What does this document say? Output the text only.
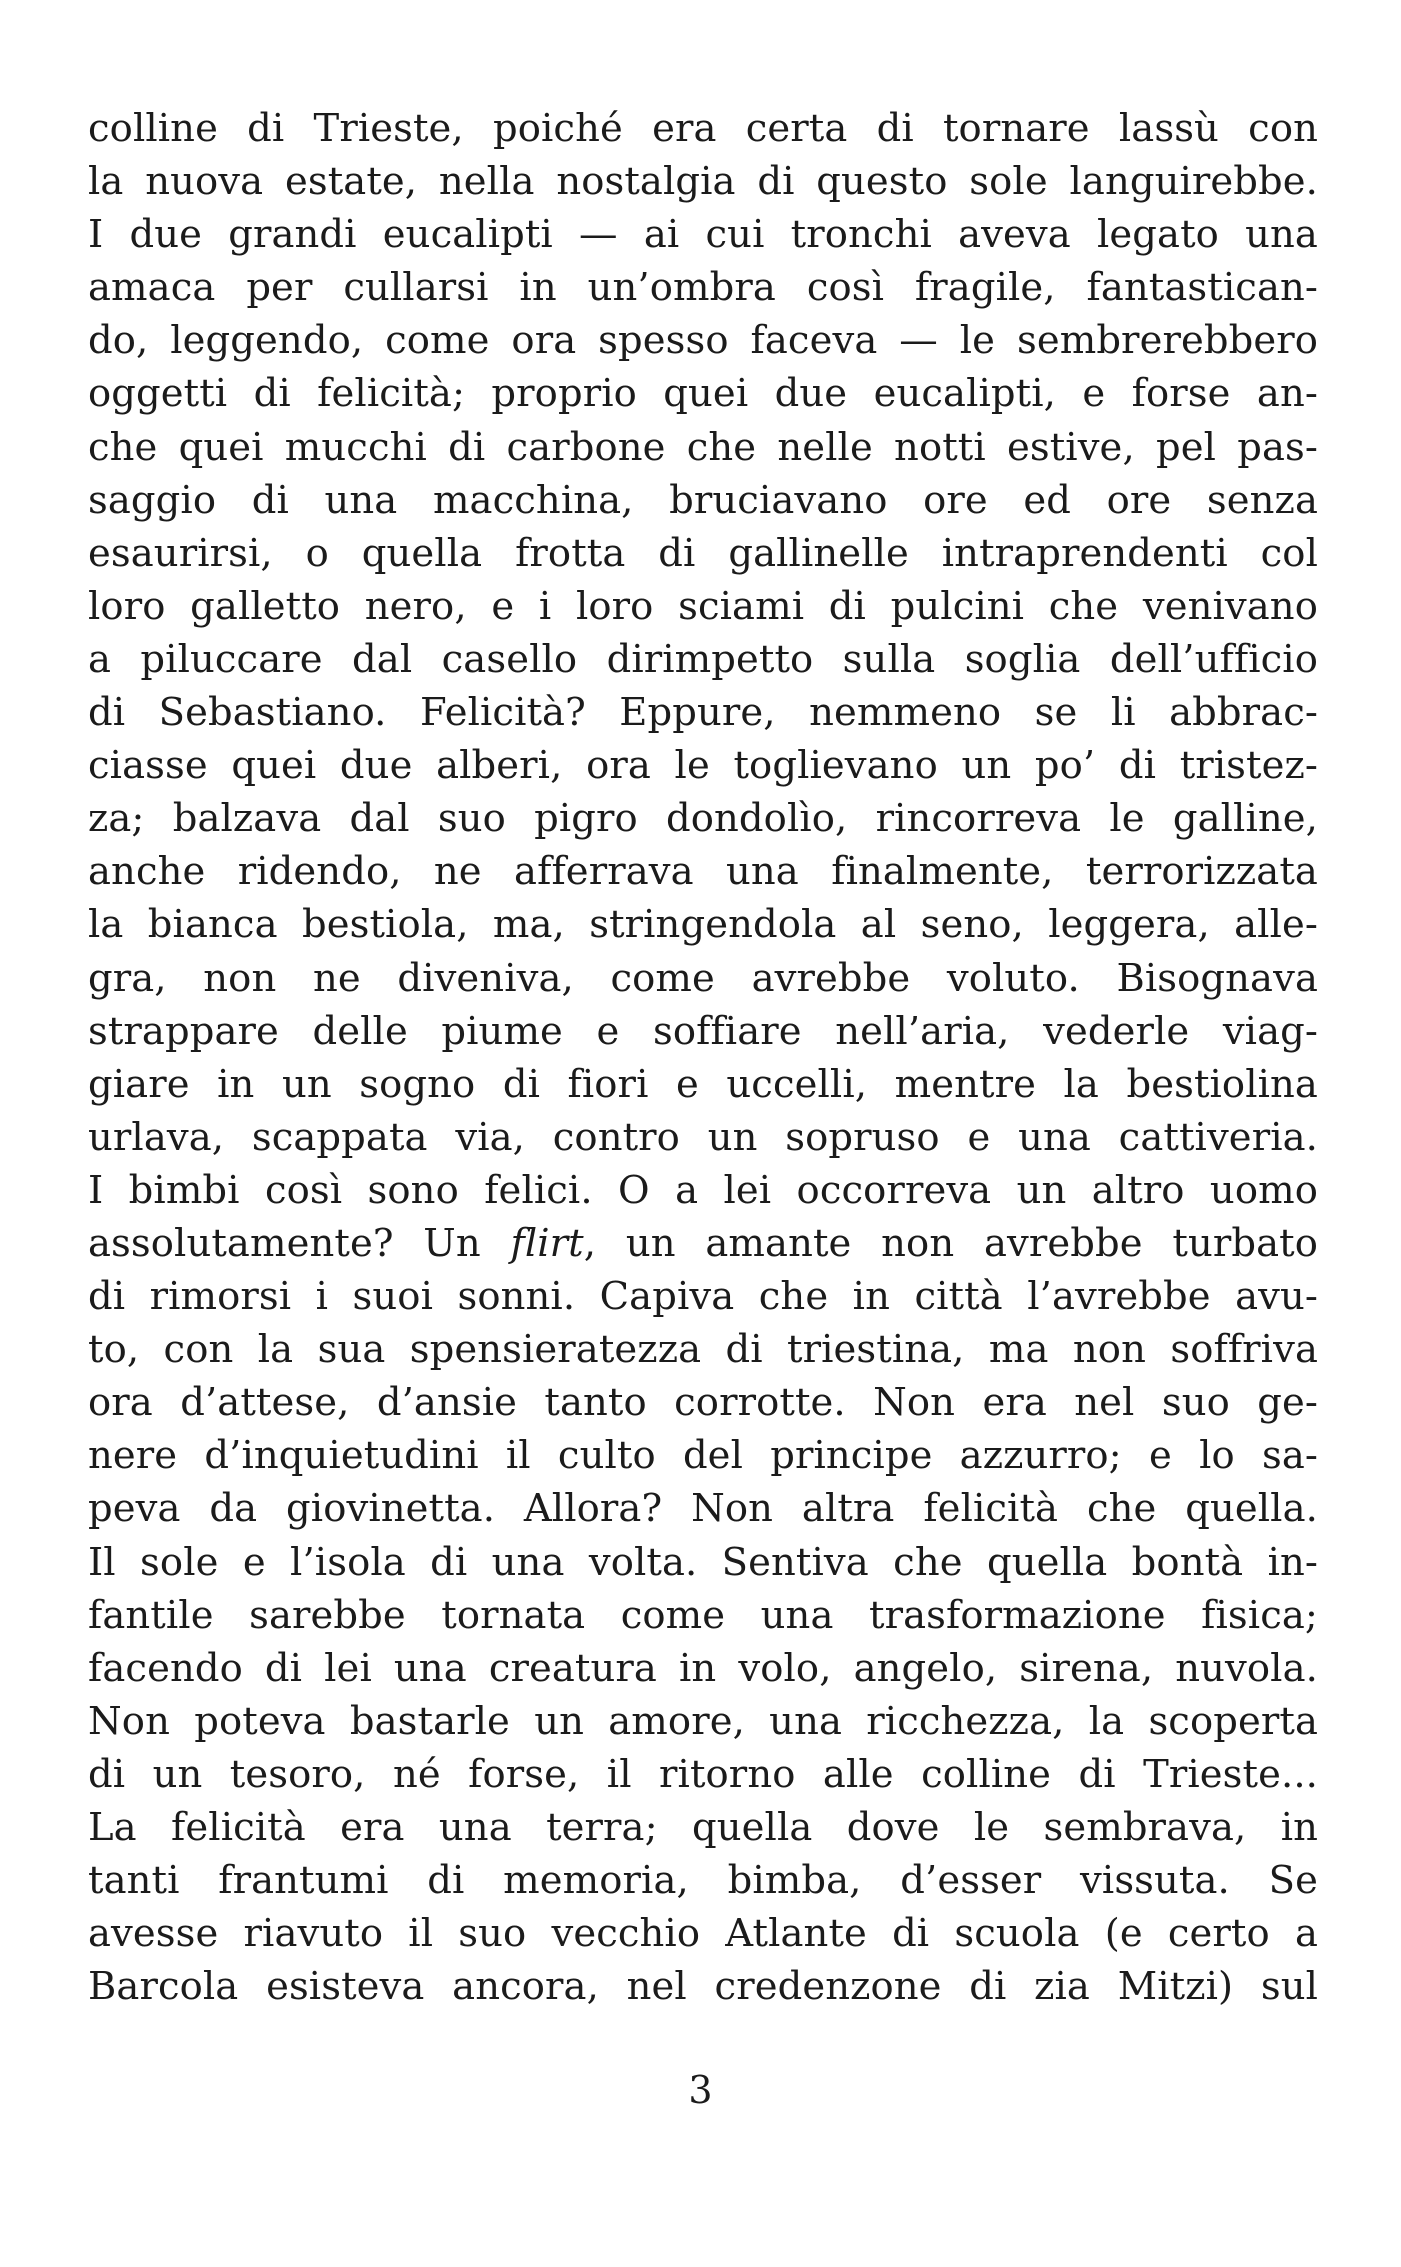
colline di Trieste, poiché era certa di tornare lassù con
la nuova estate, nella nostalgia di questo sole languirebbe.
I due grandi eucalipti — ai cui tronchi aveva legato una
amaca per cullarsi in un’ombra così fragile, fantastican-
do, leggendo, come ora spesso faceva — le sembrerebbero
oggetti di felicità; proprio quei due eucalipti, e forse an-
che quei mucchi di carbone che nelle notti estive, pel pas-
saggio di una macchina, bruciavano ore ed ore senza
esaurirsi, o quella frotta di gallinelle intraprendenti col
loro galletto nero, e i loro sciami di pulcini che venivano
a piluccare dal casello dirimpetto sulla soglia dell’ufficio
di Sebastiano. Felicità? Eppure, nemmeno se li abbrac-
ciasse quei due alberi, ora le toglievano un po’ di tristez-
za; balzava dal suo pigro dondolìo, rincorreva le galline,
anche ridendo, ne afferrava una finalmente, terrorizzata
la bianca bestiola, ma, stringendola al seno, leggera, alle-
gra, non ne diveniva, come avrebbe voluto. Bisognava
strappare delle piume e soffiare nell’aria, vederle viag-
giare in un sogno di fiori e uccelli, mentre la bestiolina
urlava, scappata via, contro un sopruso e una cattiveria.
I bimbi così sono felici. O a lei occorreva un altro uomo
assolutamente? Un flirt, un amante non avrebbe turbato
di rimorsi i suoi sonni. Capiva che in città l’avrebbe avu-
to, con la sua spensieratezza di triestina, ma non soffriva
ora d’attese, d’ansie tanto corrotte. Non era nel suo ge-
nere d’inquietudini il culto del principe azzurro; e lo sa-
peva da giovinetta. Allora? Non altra felicità che quella.
Il sole e l’isola di una volta. Sentiva che quella bontà in-
fantile sarebbe tornata come una trasformazione fisica;
facendo di lei una creatura in volo, angelo, sirena, nuvola.
Non poteva bastarle un amore, una ricchezza, la scoperta
di un tesoro, né forse, il ritorno alle colline di Trieste...
La felicità era una terra; quella dove le sembrava, in
tanti frantumi di memoria, bimba, d’esser vissuta. Se
avesse riavuto il suo vecchio Atlante di scuola (e certo a
Barcola esisteva ancora, nel credenzone di zia Mitzi) sul
3
